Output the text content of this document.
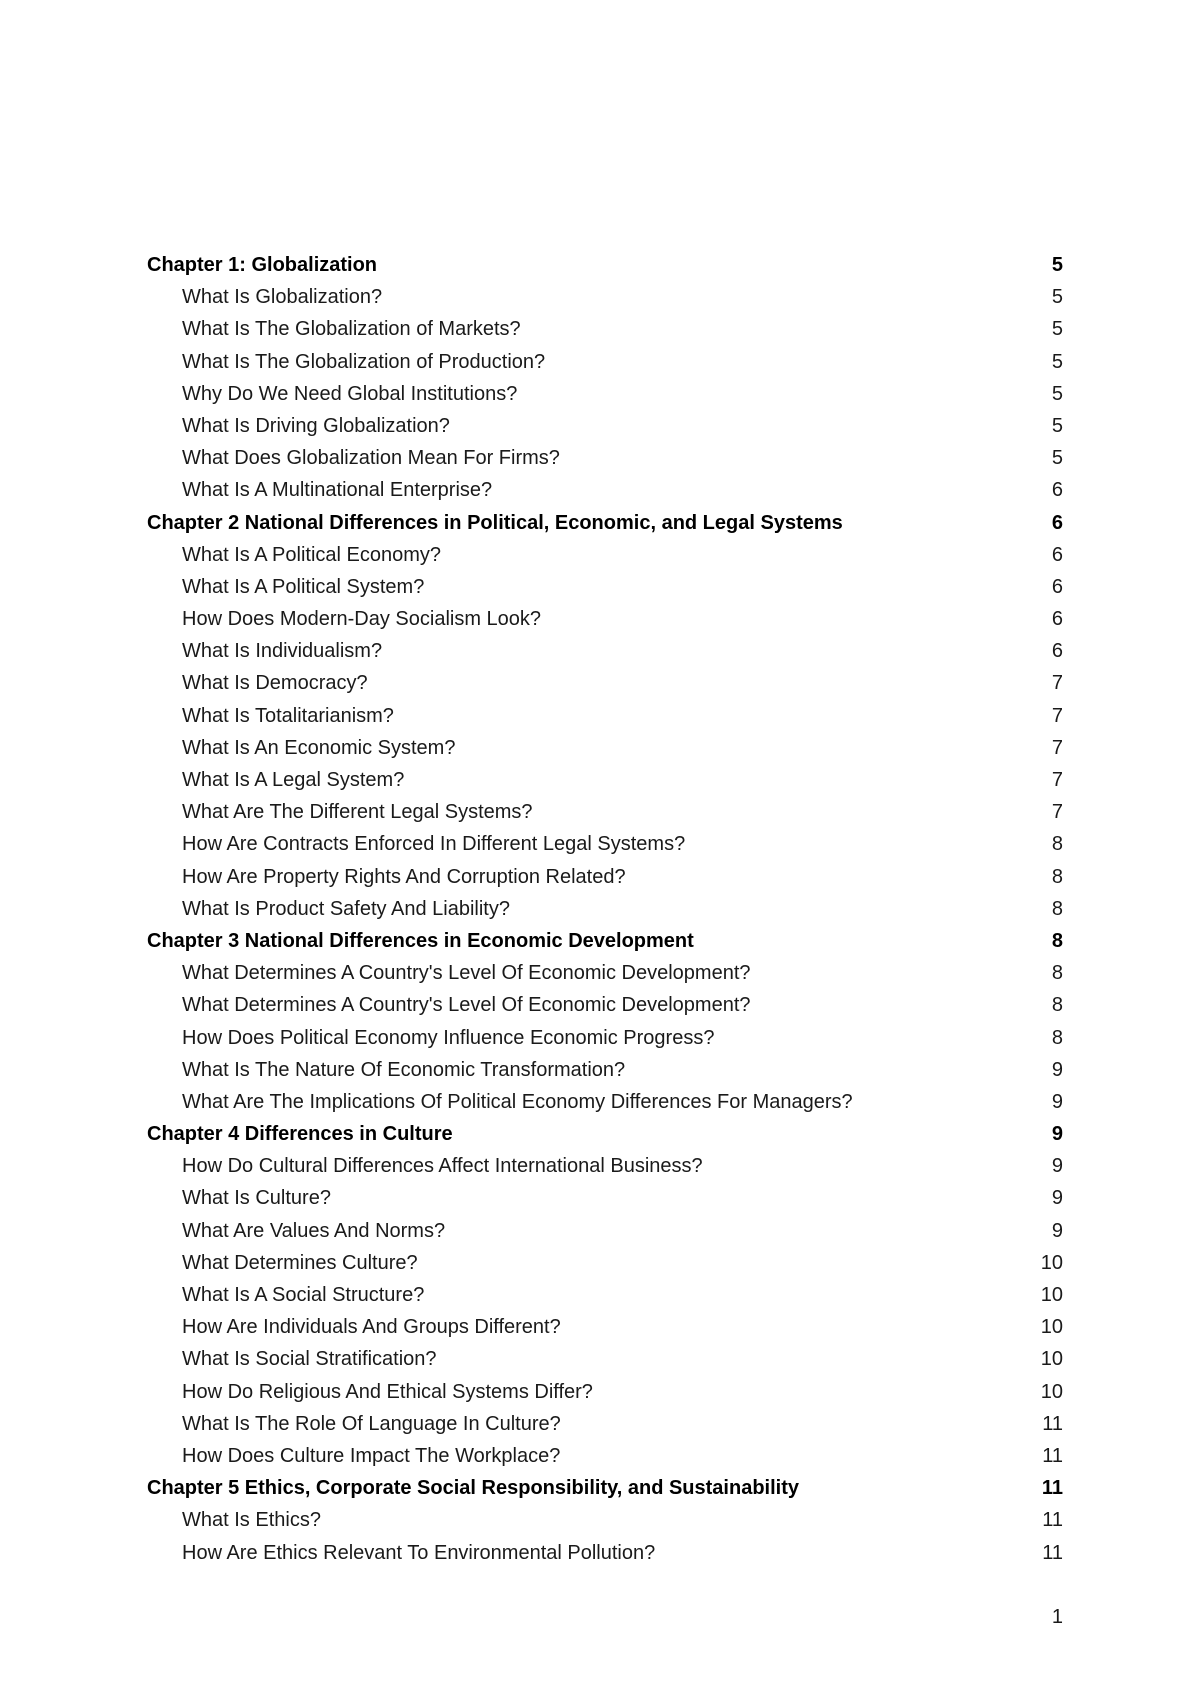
Chapter 1: Globalization	5
What Is Globalization?	5
What Is The Globalization of Markets?	5
What Is The Globalization of Production?	5
Why Do We Need Global Institutions?	5
What Is Driving Globalization?	5
What Does Globalization Mean For Firms?	5
What Is A Multinational Enterprise?	6
Chapter 2 National Differences in Political, Economic, and Legal Systems	6
What Is A Political Economy?	6
What Is A Political System?	6
How Does Modern-Day Socialism Look?	6
What Is Individualism?	6
What Is Democracy?	7
What Is Totalitarianism?	7
What Is An Economic System?	7
What Is A Legal System?	7
What Are The Different Legal Systems?	7
How Are Contracts Enforced In Different Legal Systems?	8
How Are Property Rights And Corruption Related?	8
What Is Product Safety And Liability?	8
Chapter 3 National Differences in Economic Development	8
What Determines A Country's Level Of Economic Development?	8
What Determines A Country's Level Of Economic Development?	8
How Does Political Economy Influence Economic Progress?	8
What Is The Nature Of Economic Transformation?	9
What Are The Implications Of Political Economy Differences For Managers?	9
Chapter 4 Differences in Culture	9
How Do Cultural Differences Affect International Business?	9
What Is Culture?	9
What Are Values And Norms?	9
What Determines Culture?	10
What Is A Social Structure?	10
How Are Individuals And Groups Different?	10
What Is Social Stratification?	10
How Do Religious And Ethical Systems Differ?	10
What Is The Role Of Language In Culture?	11
How Does Culture Impact The Workplace?	11
Chapter 5 Ethics, Corporate Social Responsibility, and Sustainability	11
What Is Ethics?	11
How Are Ethics Relevant To Environmental Pollution?	11
1
